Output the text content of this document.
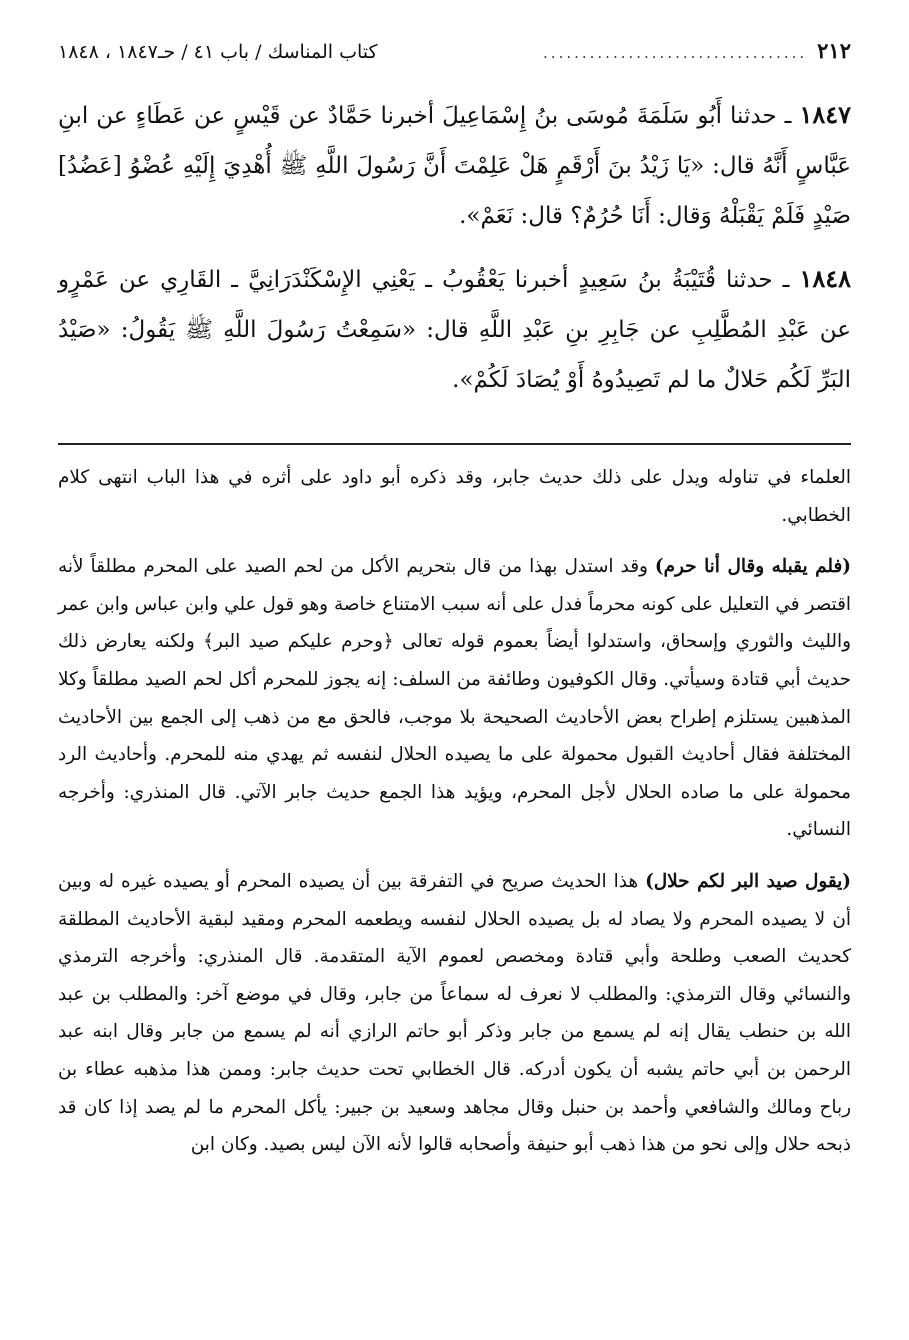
٢١٢
..................................
كتاب المناسك / باب ٤١ / حـ١٨٤٧ ، ١٨٤٨

١٨٤٧ ـ حدثنا أَبُو سَلَمَةَ مُوسَى بنُ إِسْمَاعِيلَ أخبرنا حَمَّادٌ عن قَيْسٍ عن عَطَاءٍ عن ابنِ عَبَّاسٍ أَنَّهُ قال: «يَا زَيْدُ بنَ أَرْقَمٍ هَلْ عَلِمْتَ أَنَّ رَسُولَ اللَّهِ ﷺ أُهْدِيَ إِلَيْهِ عُضْوُ [عَضُدُ] صَيْدٍ فَلَمْ يَقْبَلْهُ وَقال: أَنَا حُرُمٌ؟ قال: نَعَمْ».

١٨٤٨ ـ حدثنا قُتَيْبَةُ بنُ سَعِيدٍ أخبرنا يَعْقُوبُ ـ يَعْنِي الإِسْكَنْدَرَانِيَّ ـ القَارِي عن عَمْرٍو عن عَبْدِ المُطَّلِبِ عن جَابِرِ بنِ عَبْدِ اللَّهِ قال: «سَمِعْتُ رَسُولَ اللَّهِ ﷺ يَقُولُ: «صَيْدُ البَرِّ لَكُم حَلالٌ ما لم تَصِيدُوهُ أَوْ يُصَادَ لَكُمْ».

العلماء في تناوله ويدل على ذلك حديث جابر، وقد ذكره أبو داود على أثره في هذا الباب انتهى كلام الخطابي.

(فلم يقبله وقال أنا حرم) وقد استدل بهذا من قال بتحريم الأكل من لحم الصيد على المحرم مطلقاً لأنه اقتصر في التعليل على كونه محرماً فدل على أنه سبب الامتناع خاصة وهو قول علي وابن عباس وابن عمر والليث والثوري وإسحاق، واستدلوا أيضاً بعموم قوله تعالى ﴿وحرم عليكم صيد البر﴾ ولكنه يعارض ذلك حديث أبي قتادة وسيأتي. وقال الكوفيون وطائفة من السلف: إنه يجوز للمحرم أكل لحم الصيد مطلقاً وكلا المذهبين يستلزم إطراح بعض الأحاديث الصحيحة بلا موجب، فالحق مع من ذهب إلى الجمع بين الأحاديث المختلفة فقال أحاديث القبول محمولة على ما يصيده الحلال لنفسه ثم يهدي منه للمحرم. وأحاديث الرد محمولة على ما صاده الحلال لأجل المحرم، ويؤيد هذا الجمع حديث جابر الآتي. قال المنذري: وأخرجه النسائي.

(يقول صيد البر لكم حلال) هذا الحديث صريح في التفرقة بين أن يصيده المحرم أو يصيده غيره له وبين أن لا يصيده المحرم ولا يصاد له بل يصيده الحلال لنفسه ويطعمه المحرم ومقيد لبقية الأحاديث المطلقة كحديث الصعب وطلحة وأبي قتادة ومخصص لعموم الآية المتقدمة. قال المنذري: وأخرجه الترمذي والنسائي وقال الترمذي: والمطلب لا نعرف له سماعاً من جابر، وقال في موضع آخر: والمطلب بن عبد الله بن حنطب يقال إنه لم يسمع من جابر وذكر أبو حاتم الرازي أنه لم يسمع من جابر وقال ابنه عبد الرحمن بن أبي حاتم يشبه أن يكون أدركه. قال الخطابي تحت حديث جابر: وممن هذا مذهبه عطاء بن رباح ومالك والشافعي وأحمد بن حنبل وقال مجاهد وسعيد بن جبير: يأكل المحرم ما لم يصد إذا كان قد ذبحه حلال وإلى نحو من هذا ذهب أبو حنيفة وأصحابه قالوا لأنه الآن ليس بصيد. وكان ابن
